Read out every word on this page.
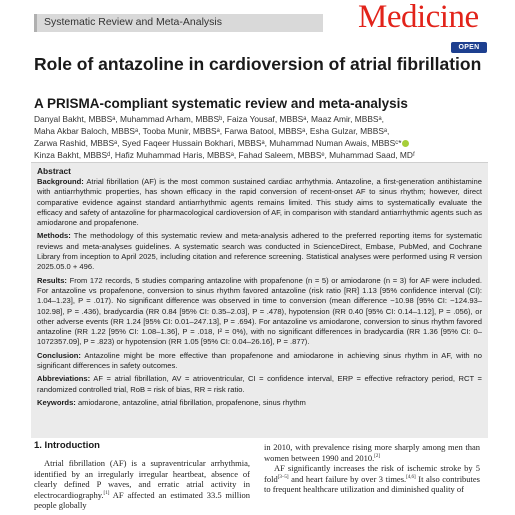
Systematic Review and Meta-Analysis	Medicine
OPEN
Role of antazoline in cardioversion of atrial fibrillation
A PRISMA-compliant systematic review and meta-analysis
Danyal Bakht, MBBSᵃ, Muhammad Arham, MBBSᵇ, Faiza Yousaf, MBBSᵃ, Maaz Amir, MBBSᵃ,
Maha Akbar Baloch, MBBSᵃ, Tooba Munir, MBBSᵃ, Farwa Batool, MBBSᵃ, Esha Gulzar, MBBSᵃ,
Zarwa Rashid, MBBSᵃ, Syed Faqeer Hussain Bokhari, MBBSᵃ, Muhammad Numan Awais, MBBSᶜ*
Kinza Bakht, MBBSᵈ, Hafiz Muhammad Haris, MBBSᵃ, Fahad Saleem, MBBSᵉ, Muhammad Saad, MDᶠ
Abstract

Background: Atrial fibrillation (AF) is the most common sustained cardiac arrhythmia. Antazoline, a first-generation antihistamine with antiarrhythmic properties, has shown efficacy in the rapid conversion of recent-onset AF to sinus rhythm; however, direct comparative evidence against standard antiarrhythmic agents remains limited. This study aims to systematically evaluate the efficacy and safety of antazoline for pharmacological cardioversion of AF, in comparison with standard antiarrhythmic agents such as amiodarone and propafenone.

Methods: The methodology of this systematic review and meta-analysis adhered to the preferred reporting items for systematic reviews and meta-analyses guidelines. A systematic search was conducted in ScienceDirect, Embase, PubMed, and Cochrane Library from inception to April 2025, including citation and reference screening. Statistical analyses were performed using R version 2025.05.0 + 496.

Results: From 172 records, 5 studies comparing antazoline with propafenone (n = 5) or amiodarone (n = 3) for AF were included. For antazoline vs propafenone, conversion to sinus rhythm favored antazoline (risk ratio [RR] 1.13 [95% confidence interval (CI): 1.04–1.23], P = .017). No significant difference was observed in time to conversion (mean difference −10.98 [95% CI: −124.93–102.98], P = .436), bradycardia (RR 0.84 [95% CI: 0.35–2.03], P = .478), hypotension (RR 0.40 [95% CI: 0.14–1.12], P = .056), or other adverse events (RR 1.24 [95% CI: 0.01–247.13], P = .694). For antazoline vs amiodarone, conversion to sinus rhythm favored antazoline (RR 1.22 [95% CI: 1.08–1.36], P = .018, I² = 0%), with no significant differences in bradycardia (RR 1.36 [95% CI: 0–1072357.09], P = .823) or hypotension (RR 1.05 [95% CI: 0.04–26.16], P = .877).

Conclusion: Antazoline might be more effective than propafenone and amiodarone in achieving sinus rhythm in AF, with no significant differences in safety outcomes.

Abbreviations: AF = atrial fibrillation, AV = atrioventricular, CI = confidence interval, ERP = effective refractory period, RCT = randomized controlled trial, RoB = risk of bias, RR = risk ratio.

Keywords: amiodarone, antazoline, atrial fibrillation, propafenone, sinus rhythm

1. Introduction

Atrial fibrillation (AF) is a supraventricular arrhythmia, identified by an irregularly irregular heartbeat, absence of clearly defined P waves, and erratic atrial activity in electrocardiography.[1] AF affected an estimated 33.5 million people globally

in 2010, with prevalence rising more sharply among men than women between 1990 and 2010.[2]

AF significantly increases the risk of ischemic stroke by 5 fold[3–5] and heart failure by over 3 times.[4,6] It also contributes to frequent healthcare utilization and diminished quality of
